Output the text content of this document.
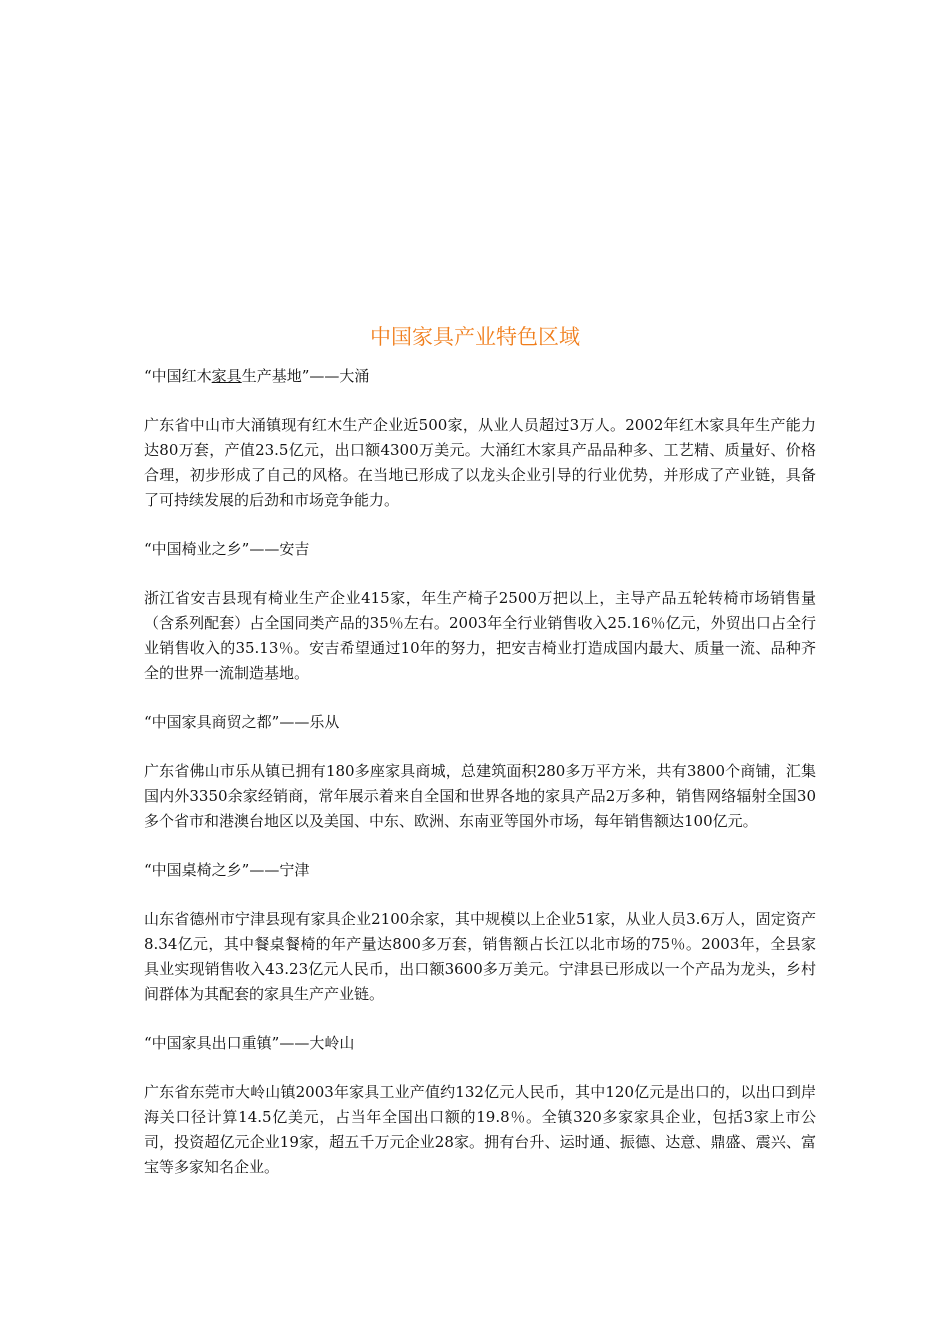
中国家具产业特色区域

“中国红木家具生产基地”——大涌

广东省中山市大涌镇现有红木生产企业近500家，从业人员超过3万人。2002年红木家具年生产能力达80万套，产值23.5亿元，出口额4300万美元。大涌红木家具产品品种多、工艺精、质量好、价格合理，初步形成了自己的风格。在当地已形成了以龙头企业引导的行业优势，并形成了产业链，具备了可持续发展的后劲和市场竞争能力。

“中国椅业之乡”——安吉

浙江省安吉县现有椅业生产企业415家，年生产椅子2500万把以上，主导产品五轮转椅市场销售量（含系列配套）占全国同类产品的35％左右。2003年全行业销售收入25.16％亿元，外贸出口占全行业销售收入的35.13％。安吉希望通过10年的努力，把安吉椅业打造成国内最大、质量一流、品种齐全的世界一流制造基地。

“中国家具商贸之都”——乐从

广东省佛山市乐从镇已拥有180多座家具商城，总建筑面积280多万平方米，共有3800个商铺，汇集国内外3350余家经销商，常年展示着来自全国和世界各地的家具产品2万多种，销售网络辐射全国30多个省市和港澳台地区以及美国、中东、欧洲、东南亚等国外市场，每年销售额达100亿元。

“中国桌椅之乡”——宁津

山东省德州市宁津县现有家具企业2100余家，其中规模以上企业51家，从业人员3.6万人，固定资产8.34亿元，其中餐桌餐椅的年产量达800多万套，销售额占长江以北市场的75％。2003年，全县家具业实现销售收入43.23亿元人民币，出口额3600多万美元。宁津县已形成以一个产品为龙头，乡村间群体为其配套的家具生产产业链。

“中国家具出口重镇”——大岭山

广东省东莞市大岭山镇2003年家具工业产值约132亿元人民币，其中120亿元是出口的，以出口到岸海关口径计算14.5亿美元，占当年全国出口额的19.8％。全镇320多家家具企业，包括3家上市公司，投资超亿元企业19家，超五千万元企业28家。拥有台升、运时通、振德、达意、鼎盛、震兴、富宝等多家知名企业。
